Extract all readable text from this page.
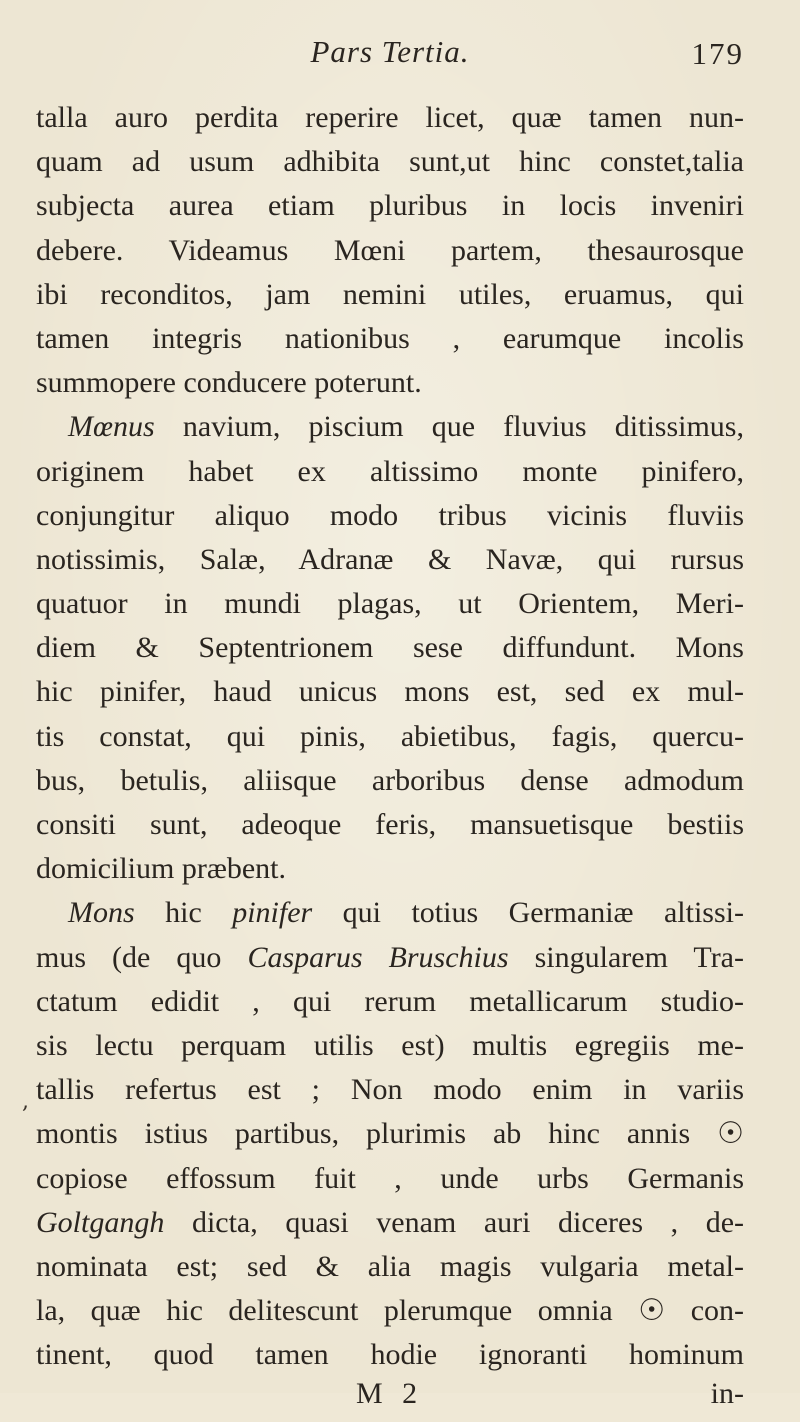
Pars Tertia.	179
talla auro perdita reperire licet, quæ tamen nun-
quam ad usum adhibita sunt,ut hinc constet,talia
subjecta aurea etiam pluribus in locis inveniri
debere. Videamus Mœni partem, thesaurosque
ibi reconditos, jam nemini utiles, eruamus, qui
tamen integris nationibus , earumque incolis
summopere conducere poterunt.
Mœnus navium, piscium que fluvius ditissimus,
originem habet ex altissimo monte pinifero,
conjungitur aliquo modo tribus vicinis fluviis
notissimis, Salæ, Adranæ & Navæ, qui rursus
quatuor in mundi plagas, ut Orientem, Meri-
diem & Septentrionem sese diffundunt. Mons
hic pinifer, haud unicus mons est, sed ex mul-
tis constat, qui pinis, abietibus, fagis, quercu-
bus, betulis, aliisque arboribus dense admodum
consiti sunt, adeoque feris, mansuetisque bestiis
domicilium præbent.
Mons hic pinifer qui totius Germaniæ altissi-
mus (de quo Casparus Bruschius singularem Tra-
ctatum edidit , qui rerum metallicarum studio-
sis lectu perquam utilis est) multis egregiis me-
tallis refertus est ; Non modo enim in variis
montis istius partibus, plurimis ab hinc annis ☉
copiose effossum fuit , unde urbs Germanis
Goltgangh dicta, quasi venam auri diceres , de-
nominata est; sed & alia magis vulgaria metal-
la, quæ hic delitescunt plerumque omnia ☉ con-
tinent, quod tamen hodie ignoranti hominum
M 2	in-
,
